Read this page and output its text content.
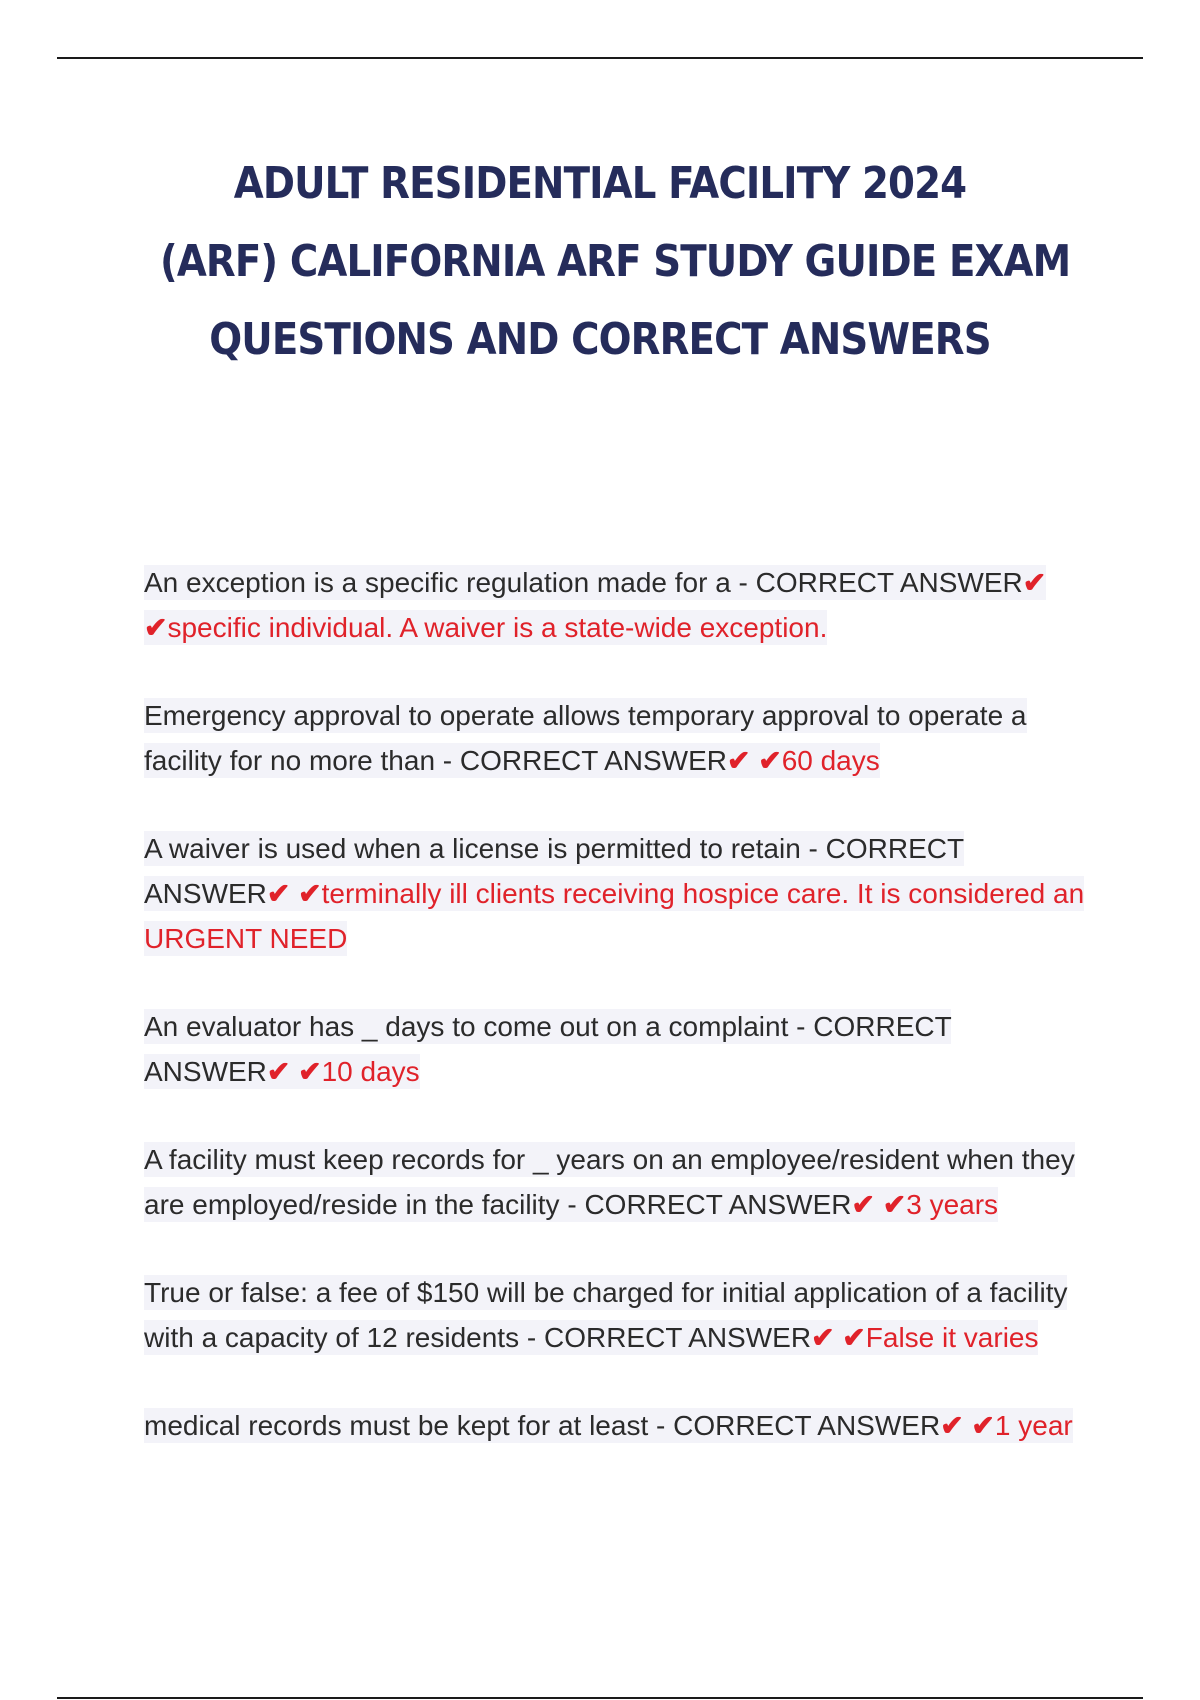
ADULT RESIDENTIAL FACILITY 2024
(ARF) CALIFORNIA ARF STUDY GUIDE EXAM
QUESTIONS AND CORRECT ANSWERS
An exception is a specific regulation made for a - CORRECT ANSWER✔ ✔specific individual. A waiver is a state-wide exception.
Emergency approval to operate allows temporary approval to operate a facility for no more than - CORRECT ANSWER✔ ✔60 days
A waiver is used when a license is permitted to retain - CORRECT ANSWER✔ ✔terminally ill clients receiving hospice care. It is considered an URGENT NEED
An evaluator has _ days to come out on a complaint - CORRECT ANSWER✔ ✔10 days
A facility must keep records for _ years on an employee/resident when they are employed/reside in the facility - CORRECT ANSWER✔ ✔3 years
True or false: a fee of $150 will be charged for initial application of a facility with a capacity of 12 residents - CORRECT ANSWER✔ ✔False it varies
medical records must be kept for at least - CORRECT ANSWER✔ ✔1 year
